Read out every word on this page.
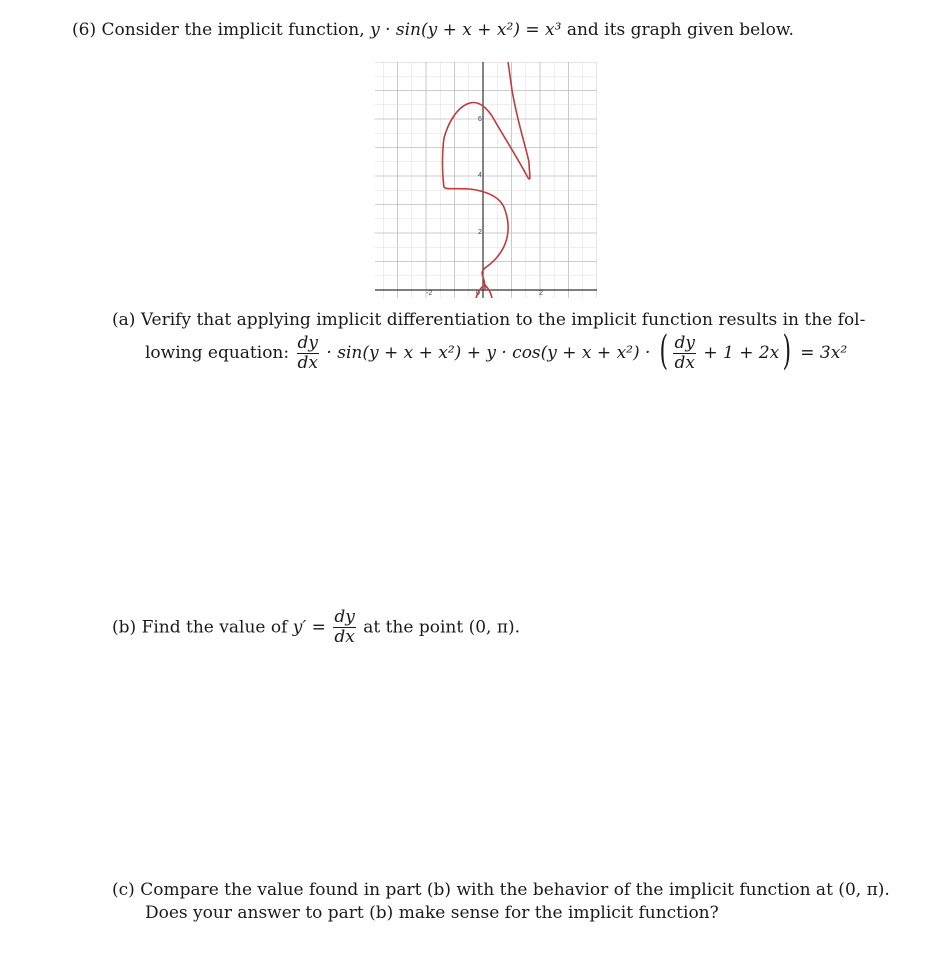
(6) Consider the implicit function, y · sin(y + x + x²) = x³ and its graph given below.
-2	0	2
2
4
6
(a) Verify that applying implicit differentiation to the implicit function results in the fol-
lowing equation: $\frac{dy}{dx} \cdot \sin(y + x + x^2) + y \cdot \cos(y + x + x^2)$ · ( $\frac{dy}{dx} + 1 + 2x) = 3x^2$
(b) Find the value of $y' = \frac{dy}{dx}$ at the point (0, π).
(c) Compare the value found in part (b) with the behavior of the implicit function at (0, π).
Does your answer to part (b) make sense for the implicit function?
